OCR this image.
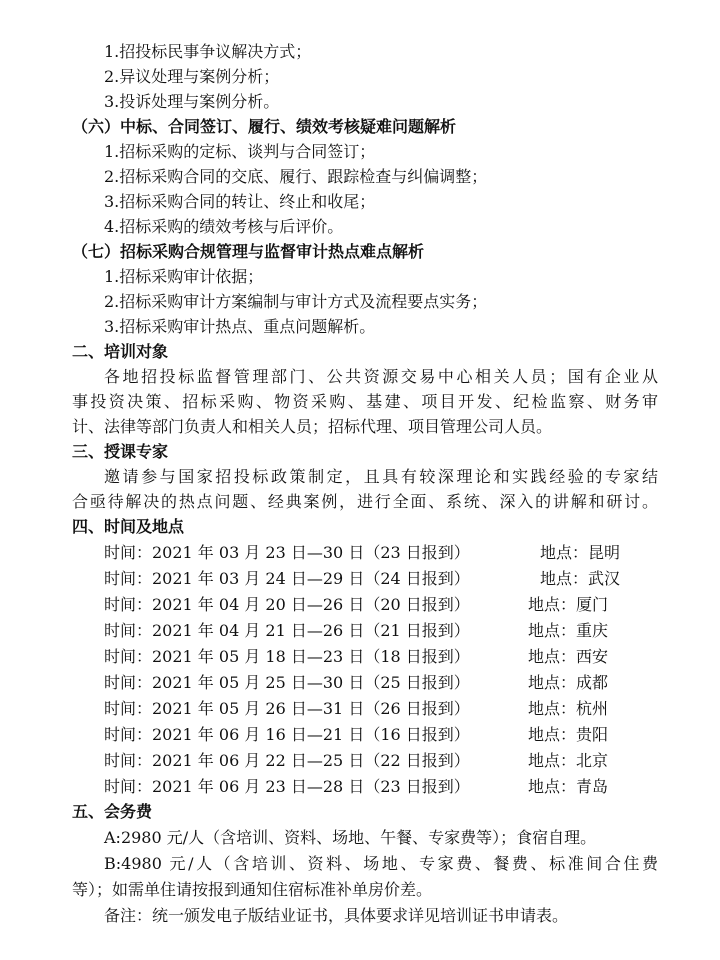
1.招投标民事争议解决方式；
2.异议处理与案例分析；
3.投诉处理与案例分析。
（六）中标、合同签订、履行、绩效考核疑难问题解析
1.招标采购的定标、谈判与合同签订；
2.招标采购合同的交底、履行、跟踪检查与纠偏调整；
3.招标采购合同的转让、终止和收尾；
4.招标采购的绩效考核与后评价。
（七）招标采购合规管理与监督审计热点难点解析
1.招标采购审计依据；
2.招标采购审计方案编制与审计方式及流程要点实务；
3.招标采购审计热点、重点问题解析。
二、培训对象
各地招投标监督管理部门、公共资源交易中心相关人员；国有企业从
事投资决策、招标采购、物资采购、基建、项目开发、纪检监察、财务审
计、法律等部门负责人和相关人员；招标代理、项目管理公司人员。
三、授课专家
邀请参与国家招投标政策制定，且具有较深理论和实践经验的专家结
合亟待解决的热点问题、经典案例，进行全面、系统、深入的讲解和研讨。
四、时间及地点
时间：2021 年 03 月 23 日—30 日（23 日报到）	地点：昆明
时间：2021 年 03 月 24 日—29 日（24 日报到）	地点：武汉
时间：2021 年 04 月 20 日—26 日（20 日报到）	地点：厦门
时间：2021 年 04 月 21 日—26 日（21 日报到）	地点：重庆
时间：2021 年 05 月 18 日—23 日（18 日报到）	地点：西安
时间：2021 年 05 月 25 日—30 日（25 日报到）	地点：成都
时间：2021 年 05 月 26 日—31 日（26 日报到）	地点：杭州
时间：2021 年 06 月 16 日—21 日（16 日报到）	地点：贵阳
时间：2021 年 06 月 22 日—25 日（22 日报到）	地点：北京
时间：2021 年 06 月 23 日—28 日（23 日报到）	地点：青岛
五、会务费
A:2980 元/人（含培训、资料、场地、午餐、专家费等）；食宿自理。
B:4980 元/人（含培训、资料、场地、专家费、餐费、标准间合住费
等）；如需单住请按报到通知住宿标准补单房价差。
备注：统一颁发电子版结业证书，具体要求详见培训证书申请表。
